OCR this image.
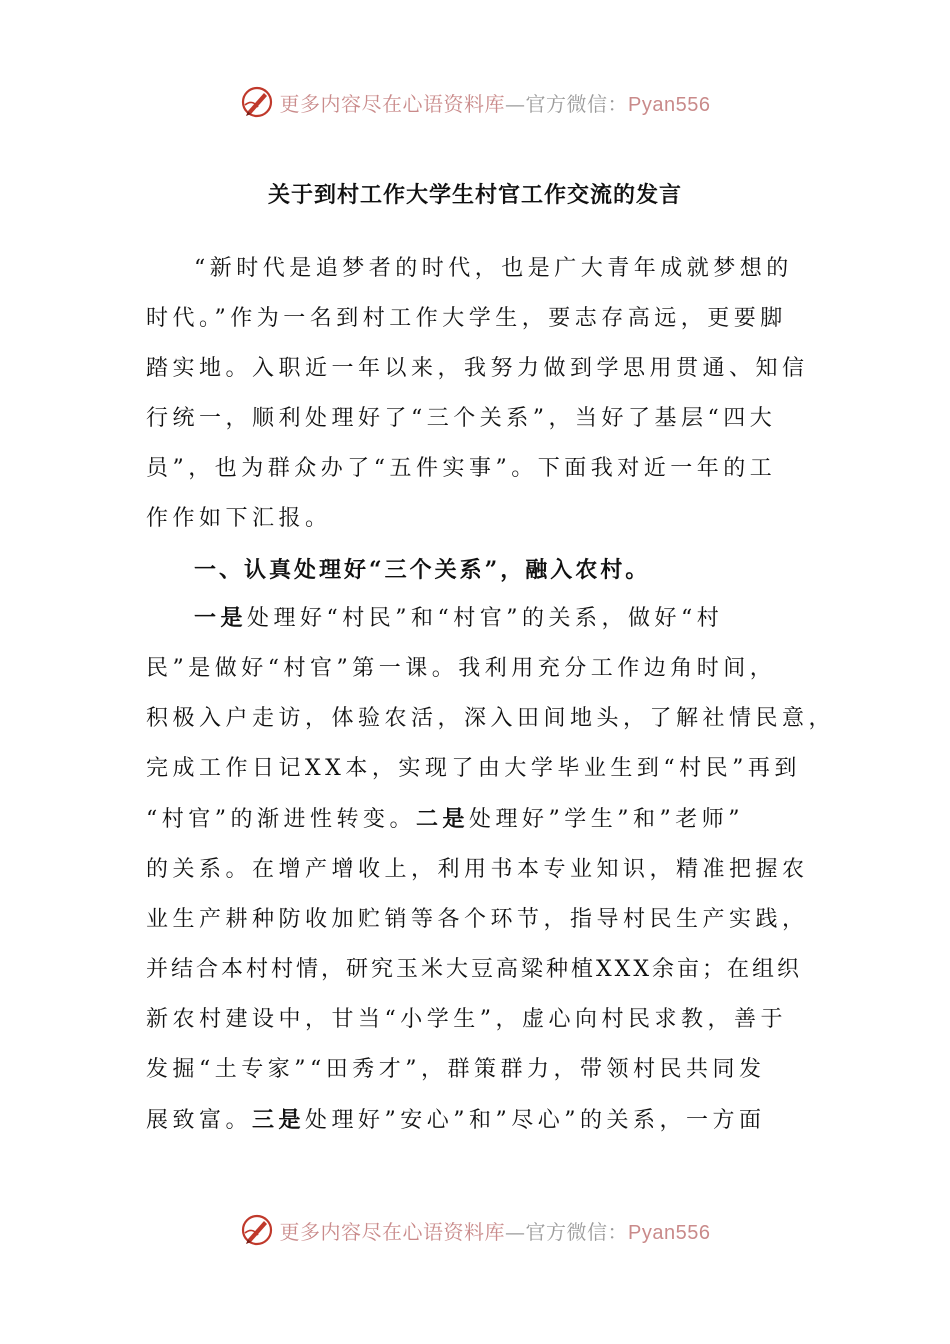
更多内容尽在心语资料库—官方微信：Pyan556
关于到村工作大学生村官工作交流的发言
“新时代是追梦者的时代，也是广大青年成就梦想的
时代。”作为一名到村工作大学生，要志存高远，更要脚
踏实地。入职近一年以来，我努力做到学思用贯通、知信
行统一，顺利处理好了“三个关系”，当好了基层“四大
员”，也为群众办了“五件实事”。下面我对近一年的工
作作如下汇报。
一、认真处理好“三个关系”，融入农村。
一是处理好“村民”和“村官”的关系，做好“村
民”是做好“村官”第一课。我利用充分工作边角时间，
积极入户走访，体验农活，深入田间地头，了解社情民意，
完成工作日记XX本，实现了由大学毕业生到“村民”再到
“村官”的渐进性转变。二是处理好”学生”和”老师”
的关系。在增产增收上，利用书本专业知识，精准把握农
业生产耕种防收加贮销等各个环节，指导村民生产实践，
并结合本村村情，研究玉米大豆高粱种植XXX余亩；在组织
新农村建设中，甘当“小学生”，虚心向村民求教，善于
发掘“土专家”“田秀才”，群策群力，带领村民共同发
展致富。三是处理好”安心”和”尽心”的关系，一方面
更多内容尽在心语资料库—官方微信：Pyan556
